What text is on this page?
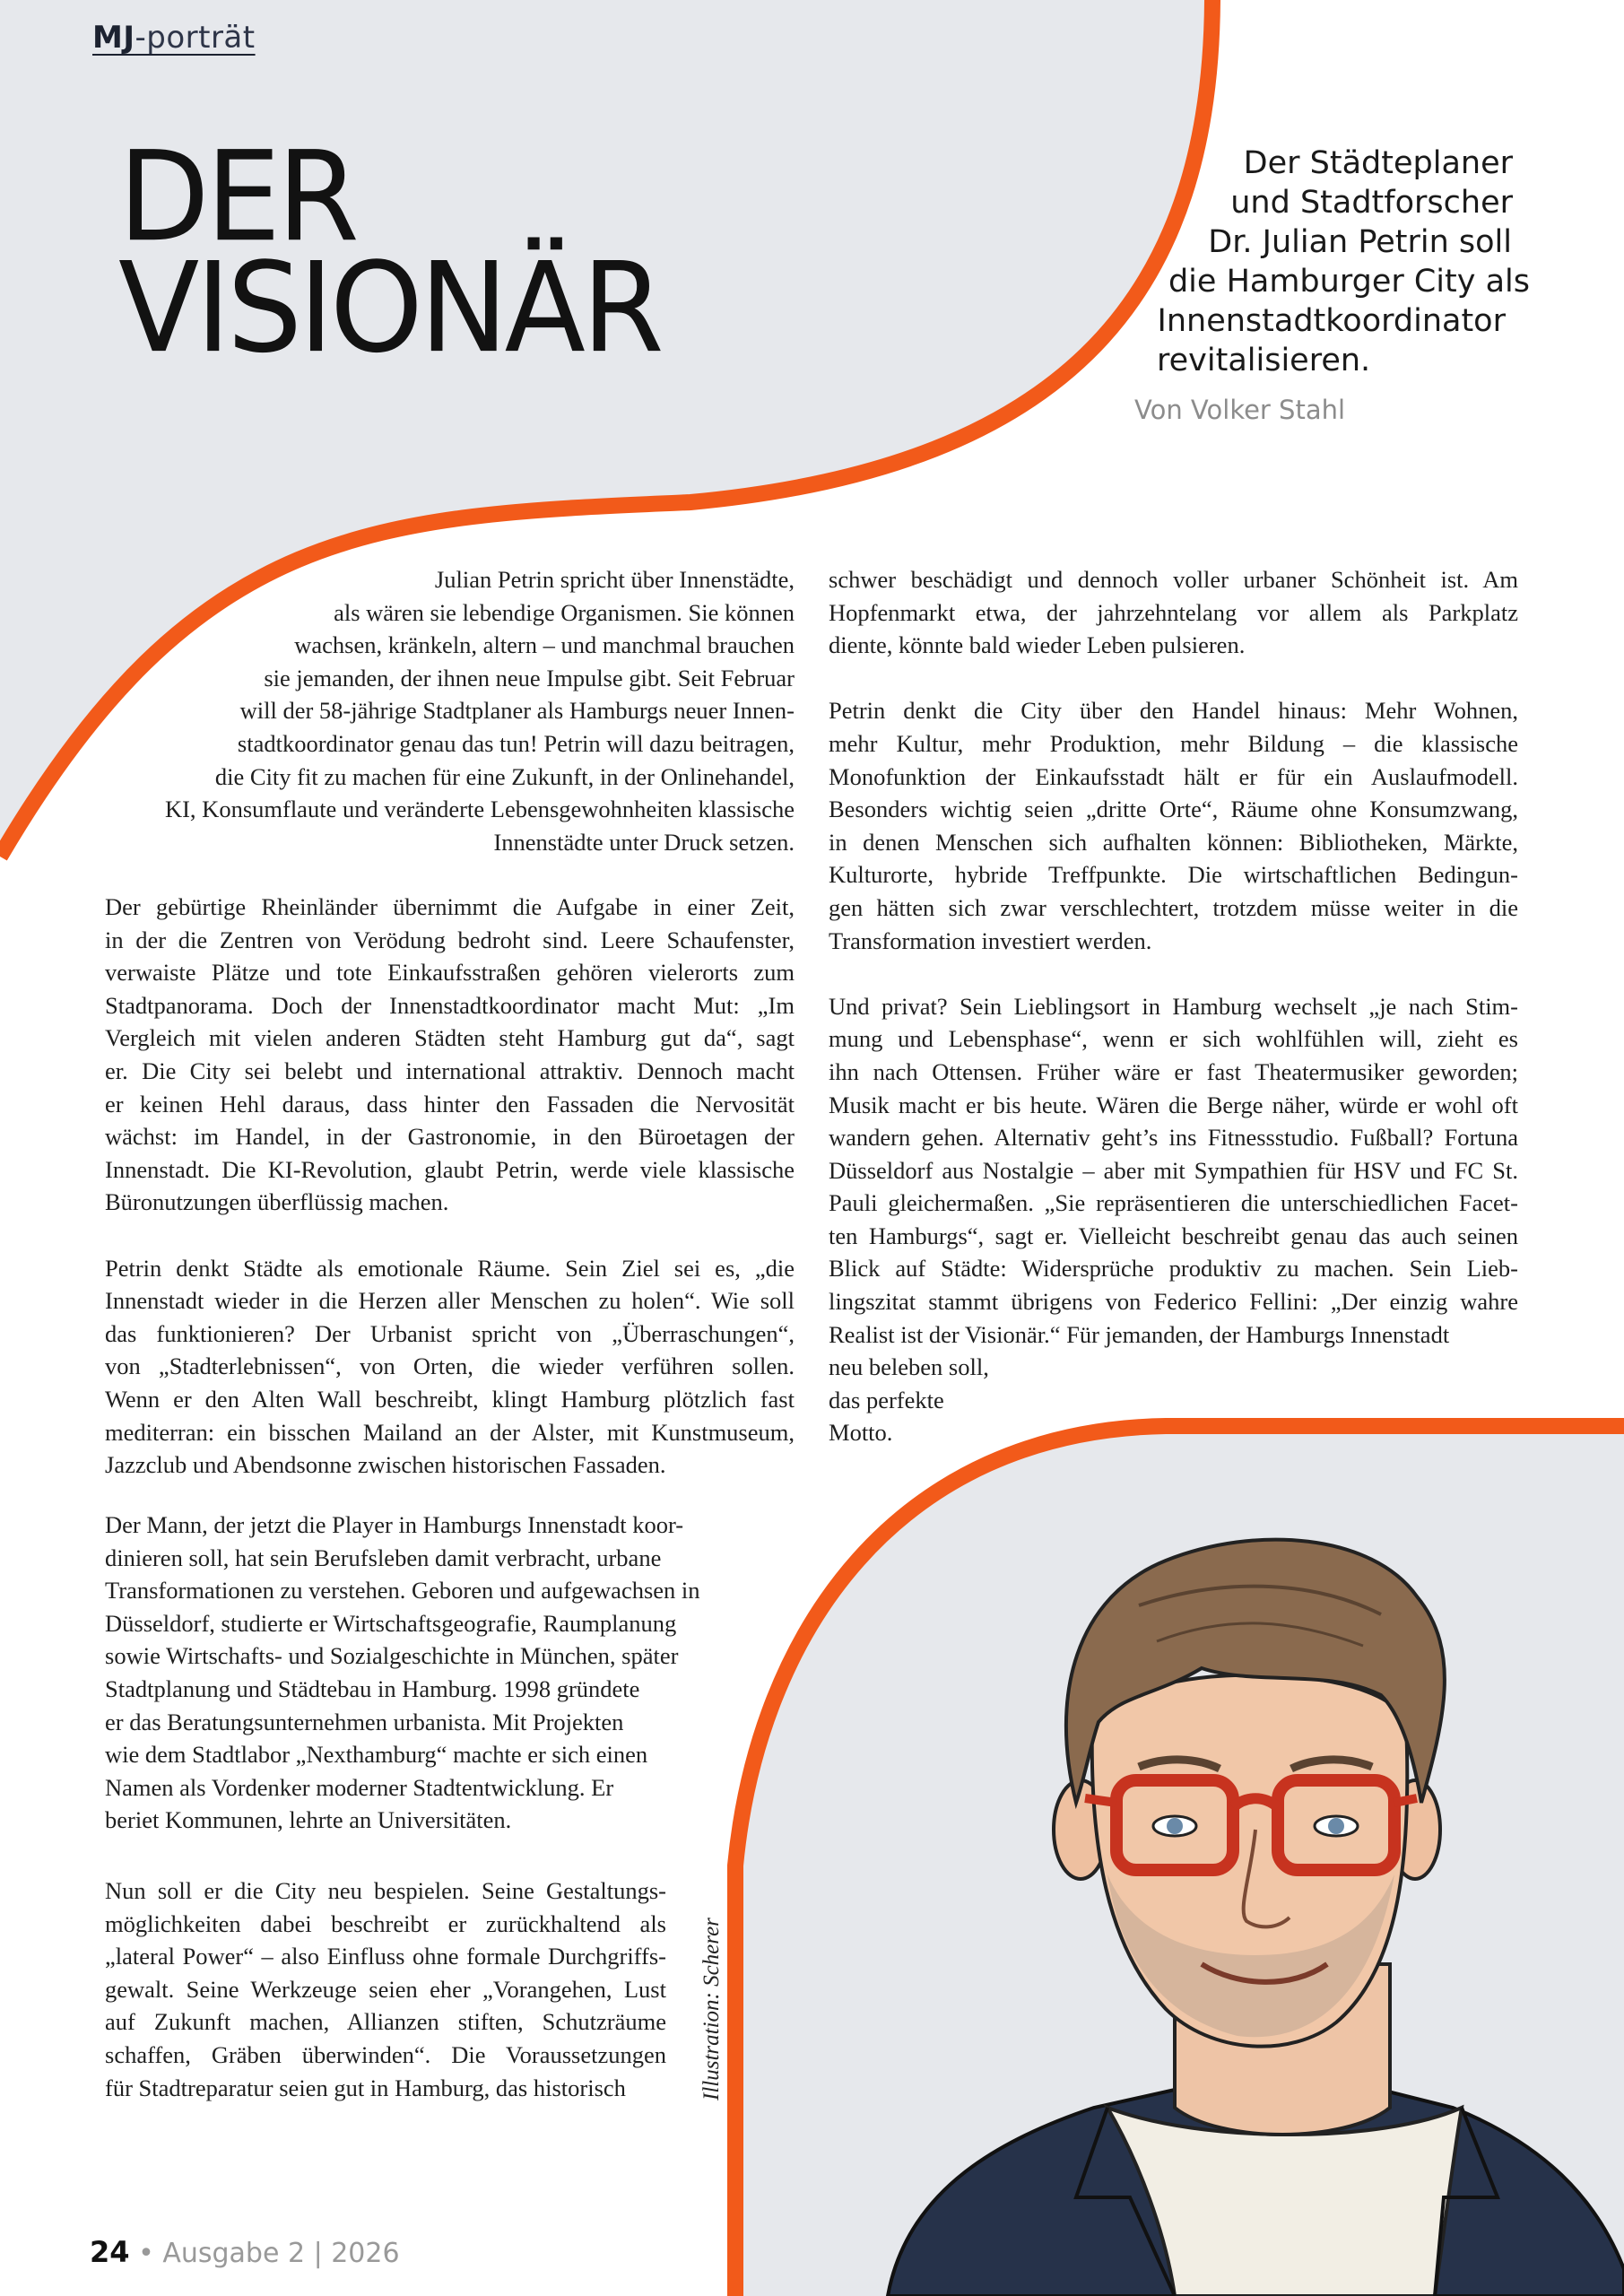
MJ-porträt
DER
VISIONÄR
Der Städteplaner
und Stadtforscher
Dr. Julian Petrin soll
die Hamburger City als
Innenstadtkoordinator
revitalisieren.
Von Volker Stahl
Julian Petrin spricht über Innenstädte,
als wären sie lebendige Organismen. Sie können
wachsen, kränkeln, altern – und manchmal brauchen
sie jemanden, der ihnen neue Impulse gibt. Seit Februar
will der 58-jährige Stadtplaner als Hamburgs neuer Innen-
stadtkoordinator genau das tun! Petrin will dazu beitragen,
die City fit zu machen für eine Zukunft, in der Onlinehandel,
KI, Konsumflaute und veränderte Lebensgewohnheiten klassische
Innenstädte unter Druck setzen.
Der gebürtige Rheinländer übernimmt die Aufgabe in einer Zeit,
in der die Zentren von Verödung bedroht sind. Leere Schaufenster,
verwaiste Plätze und tote Einkaufsstraßen gehören vielerorts zum
Stadtpanorama. Doch der Innenstadtkoordinator macht Mut: „Im
Vergleich mit vielen anderen Städten steht Hamburg gut da“, sagt
er. Die City sei belebt und international attraktiv. Dennoch macht
er keinen Hehl daraus, dass hinter den Fassaden die Nervosität
wächst: im Handel, in der Gastronomie, in den Büroetagen der
Innenstadt. Die KI-Revolution, glaubt Petrin, werde viele klassische
Büronutzungen überflüssig machen.

Petrin denkt Städte als emotionale Räume. Sein Ziel sei es, „die
Innenstadt wieder in die Herzen aller Menschen zu holen“. Wie soll
das funktionieren? Der Urbanist spricht von „Überraschungen“,
von „Stadterlebnissen“, von Orten, die wieder verführen sollen.
Wenn er den Alten Wall beschreibt, klingt Hamburg plötzlich fast
mediterran: ein bisschen Mailand an der Alster, mit Kunstmuseum,
Jazzclub und Abendsonne zwischen historischen Fassaden.
Der Mann, der jetzt die Player in Hamburgs Innenstadt koor-
dinieren soll, hat sein Berufsleben damit verbracht, urbane
Transformationen zu verstehen. Geboren und aufgewachsen in
Düsseldorf, studierte er Wirtschaftsgeografie, Raumplanung
sowie Wirtschafts- und Sozialgeschichte in München, später
Stadtplanung und Städtebau in Hamburg. 1998 gründete
er das Beratungsunternehmen urbanista. Mit Projekten
wie dem Stadtlabor „Nexthamburg“ machte er sich einen
Namen als Vordenker moderner Stadtentwicklung. Er
beriet Kommunen, lehrte an Universitäten.
Nun soll er die City neu bespielen. Seine Gestaltungs-
möglichkeiten dabei beschreibt er zurückhaltend als
„lateral Power“ – also Einfluss ohne formale Durchgriffs-
gewalt. Seine Werkzeuge seien eher „Vorangehen, Lust
auf Zukunft machen, Allianzen stiften, Schutzräume
schaffen, Gräben überwinden“. Die Voraussetzungen
für Stadtreparatur seien gut in Hamburg, das historisch
schwer beschädigt und dennoch voller urbaner Schönheit ist. Am
Hopfenmarkt etwa, der jahrzehntelang vor allem als Parkplatz
diente, könnte bald wieder Leben pulsieren.

Petrin denkt die City über den Handel hinaus: Mehr Wohnen,
mehr Kultur, mehr Produktion, mehr Bildung – die klassische
Monofunktion der Einkaufsstadt hält er für ein Auslaufmodell.
Besonders wichtig seien „dritte Orte“, Räume ohne Konsumzwang,
in denen Menschen sich aufhalten können: Bibliotheken, Märkte,
Kulturorte, hybride Treffpunkte. Die wirtschaftlichen Bedingun-
gen hätten sich zwar verschlechtert, trotzdem müsse weiter in die
Transformation investiert werden.

Und privat? Sein Lieblingsort in Hamburg wechselt „je nach Stim-
mung und Lebensphase“, wenn er sich wohlfühlen will, zieht es
ihn nach Ottensen. Früher wäre er fast Theatermusiker geworden;
Musik macht er bis heute. Wären die Berge näher, würde er wohl oft
wandern gehen. Alternativ geht’s ins Fitnessstudio. Fußball? Fortuna
Düsseldorf aus Nostalgie – aber mit Sympathien für HSV und FC St.
Pauli gleichermaßen. „Sie repräsentieren die unterschiedlichen Facet-
ten Hamburgs“, sagt er. Vielleicht beschreibt genau das auch seinen
Blick auf Städte: Widersprüche produktiv zu machen. Sein Lieb-
lingszitat stammt übrigens von Federico Fellini: „Der einzig wahre
Realist ist der Visionär.“ Für jemanden, der Hamburgs Innenstadt
neu beleben soll,
das perfekte
Motto.
Illustration: Scherer
24 • Ausgabe 2 | 2026
